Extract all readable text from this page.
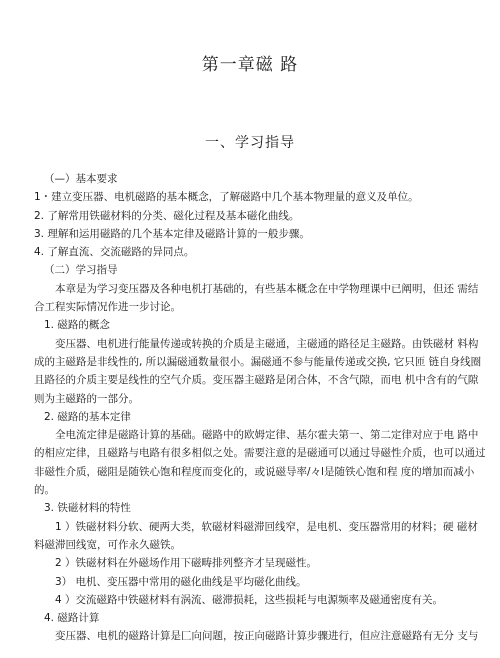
第一章磁 路
一、学习指导

（—）基本要求

1・建立变压器、电机磁路的基本概念，了解磁路中几个基本物理量的意义及单位。

2. 了解常用铁磁材料的分类、磁化过程及基本磁化曲线。

3. 理解和运用磁路的几个基本定律及磁路计算的一般步骤。

4. 了解直流、交流磁路的异同点。

（二）学习指导

本章是为学习变压器及各种电机打基础的，有些基本概念在中学物理课中已阐明，但还 需结合工程实际情况作进一步讨论。

1. 磁路的概念

变压器、电机进行能量传递或转换的介质是主磁通，主磁通的路径足主磁路。由铁磁材 料构成的主磁路是非线性的, 所以漏磁通数量很小。漏磁通不参与能量传递或交换, 它只匝 链自身线圈且路径的介质主要是线性的空气介质。变压器主磁路是闭合体，不含气隙，而电 机中含有的气隙则为主磁路的一部分。

2. 磁路的基本定律

全电流定律是磁路计算的基础。磁路中的欧姆定律、基尔霍夫第一、第二定律对应于电 路中的相应定律，且磁路与电路有很多相似之处。需要注意的是磁通可以通过导磁性介质，也可以通过非磁性介质，磁阻是随铁心饱和程度而变化的，或说磁导率/々l是随铁心饱和程 度的增加而减小的。

3. 铁磁材料的特性

1 ）铁磁材料分软、硬两大类，软磁材料磁滞回线窄，是电机、变压器常用的材料；硬 磁材料磁滞回线宽，可作永久磁铁。

2 ）铁磁材料在外磁场作用下磁畴排列整齐才呈现磁性。

3） 电机、变压器中常用的磁化曲线是平均磁化曲线。

4 ）交流磁路中铁磁材料有涡流、磁滞损耗，这些损耗与电源频率及磁通密度有关。

4. 磁路计算

变压器、电机的磁路计算是匚向问题，按正向磁路计算步骤进行，但应注意磁路有无分 支与
